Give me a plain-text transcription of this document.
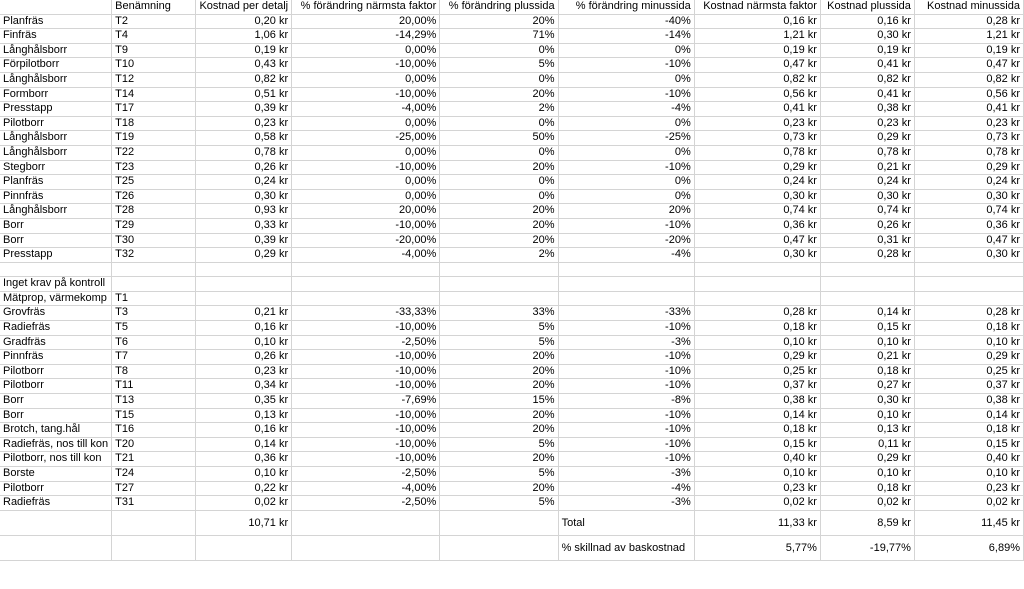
	Benämning	Kostnad per detalj	% förändring närmsta faktor	% förändring plussida	% förändring minussida	Kostnad närmsta faktor	Kostnad plussida	Kostnad minussida
Planfräs	T2	0,20 kr	20,00%	20%	-40%	0,16 kr	0,16 kr	0,28 kr
Finfräs	T4	1,06 kr	-14,29%	71%	-14%	1,21 kr	0,30 kr	1,21 kr
Långhålsborr	T9	0,19 kr	0,00%	0%	0%	0,19 kr	0,19 kr	0,19 kr
Förpilotborr	T10	0,43 kr	-10,00%	5%	-10%	0,47 kr	0,41 kr	0,47 kr
Långhålsborr	T12	0,82 kr	0,00%	0%	0%	0,82 kr	0,82 kr	0,82 kr
Formborr	T14	0,51 kr	-10,00%	20%	-10%	0,56 kr	0,41 kr	0,56 kr
Presstapp	T17	0,39 kr	-4,00%	2%	-4%	0,41 kr	0,38 kr	0,41 kr
Pilotborr	T18	0,23 kr	0,00%	0%	0%	0,23 kr	0,23 kr	0,23 kr
Långhålsborr	T19	0,58 kr	-25,00%	50%	-25%	0,73 kr	0,29 kr	0,73 kr
Långhålsborr	T22	0,78 kr	0,00%	0%	0%	0,78 kr	0,78 kr	0,78 kr
Stegborr	T23	0,26 kr	-10,00%	20%	-10%	0,29 kr	0,21 kr	0,29 kr
Planfräs	T25	0,24 kr	0,00%	0%	0%	0,24 kr	0,24 kr	0,24 kr
Pinnfräs	T26	0,30 kr	0,00%	0%	0%	0,30 kr	0,30 kr	0,30 kr
Långhålsborr	T28	0,93 kr	20,00%	20%	20%	0,74 kr	0,74 kr	0,74 kr
Borr	T29	0,33 kr	-10,00%	20%	-10%	0,36 kr	0,26 kr	0,36 kr
Borr	T30	0,39 kr	-20,00%	20%	-20%	0,47 kr	0,31 kr	0,47 kr
Presstapp	T32	0,29 kr	-4,00%	2%	-4%	0,30 kr	0,28 kr	0,30 kr

Inget krav på kontroll								
Mätprop, värmekomp	T1							
Grovfräs	T3	0,21 kr	-33,33%	33%	-33%	0,28 kr	0,14 kr	0,28 kr
Radiefräs	T5	0,16 kr	-10,00%	5%	-10%	0,18 kr	0,15 kr	0,18 kr
Gradfräs	T6	0,10 kr	-2,50%	5%	-3%	0,10 kr	0,10 kr	0,10 kr
Pinnfräs	T7	0,26 kr	-10,00%	20%	-10%	0,29 kr	0,21 kr	0,29 kr
Pilotborr	T8	0,23 kr	-10,00%	20%	-10%	0,25 kr	0,18 kr	0,25 kr
Pilotborr	T11	0,34 kr	-10,00%	20%	-10%	0,37 kr	0,27 kr	0,37 kr
Borr	T13	0,35 kr	-7,69%	15%	-8%	0,38 kr	0,30 kr	0,38 kr
Borr	T15	0,13 kr	-10,00%	20%	-10%	0,14 kr	0,10 kr	0,14 kr
Brotch, tang.hål	T16	0,16 kr	-10,00%	20%	-10%	0,18 kr	0,13 kr	0,18 kr
Radiefräs, nos till kon	T20	0,14 kr	-10,00%	5%	-10%	0,15 kr	0,11 kr	0,15 kr
Pilotborr, nos till kon	T21	0,36 kr	-10,00%	20%	-10%	0,40 kr	0,29 kr	0,40 kr
Borste	T24	0,10 kr	-2,50%	5%	-3%	0,10 kr	0,10 kr	0,10 kr
Pilotborr	T27	0,22 kr	-4,00%	20%	-4%	0,23 kr	0,18 kr	0,23 kr
Radiefräs	T31	0,02 kr	-2,50%	5%	-3%	0,02 kr	0,02 kr	0,02 kr
		10,71 kr			Total	11,33 kr	8,59 kr	11,45 kr
					% skillnad av baskostnad	5,77%	-19,77%	6,89%
